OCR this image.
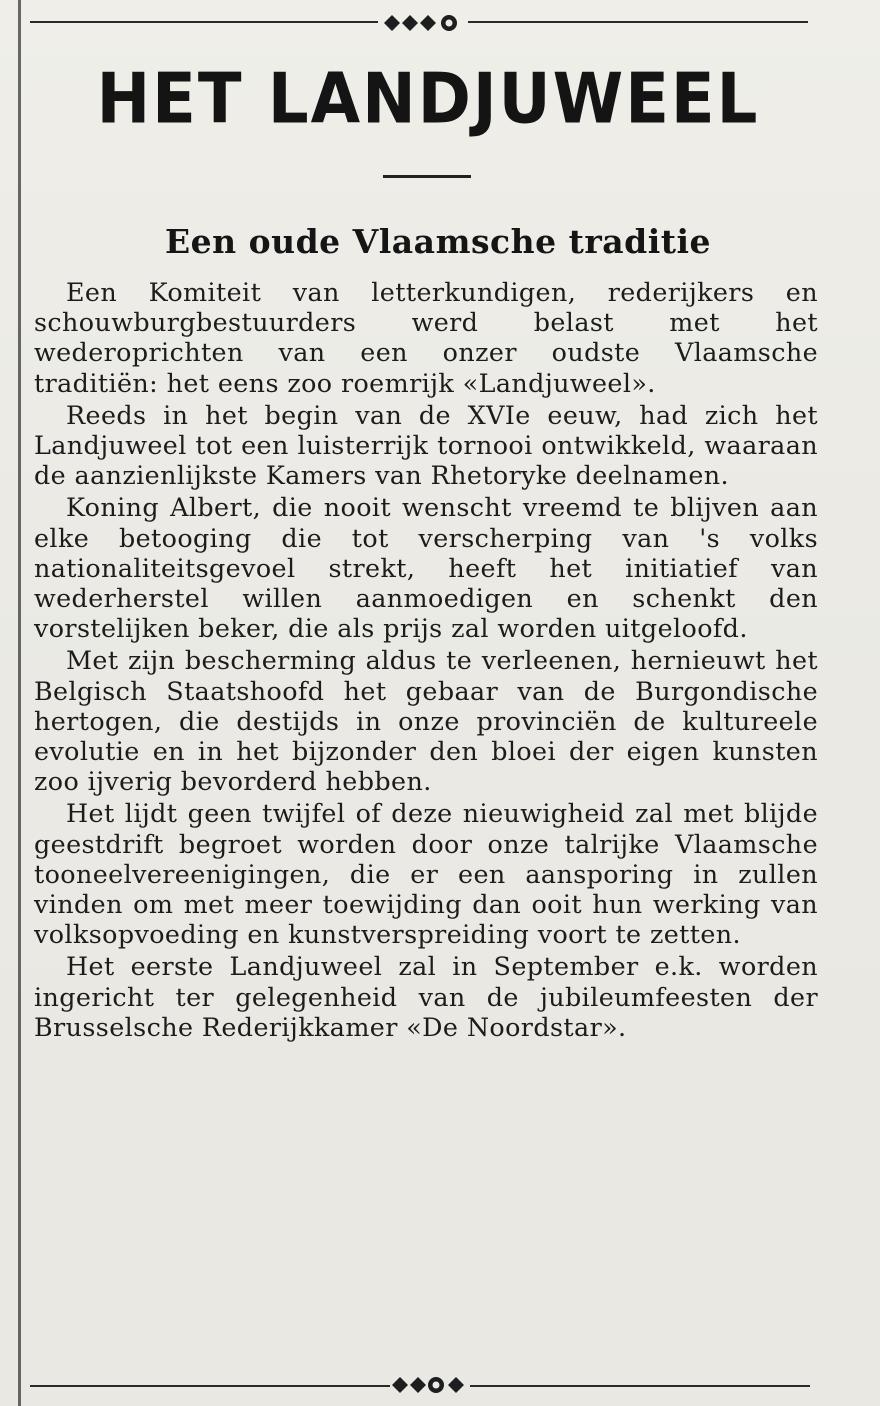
HET LANDJUWEEL
Een oude Vlaamsche traditie

Een Komiteit van letterkundigen, rederijkers en schouwburgbestuurders werd belast met het wederoprichten van een onzer oudste Vlaamsche traditiën: het eens zoo roemrijk «Landjuweel».

Reeds in het begin van de XVIe eeuw, had zich het Landjuweel tot een luisterrijk tornooi ontwikkeld, waaraan de aanzienlijkste Kamers van Rhetoryke deelnamen.

Koning Albert, die nooit wenscht vreemd te blijven aan elke betooging die tot verscherping van 's volks nationaliteitsgevoel strekt, heeft het initiatief van wederherstel willen aanmoedigen en schenkt den vorstelijken beker, die als prijs zal worden uitgeloofd.

Met zijn bescherming aldus te verleenen, hernieuwt het Belgisch Staatshoofd het gebaar van de Burgondische hertogen, die destijds in onze provinciën de kultureele evolutie en in het bijzonder den bloei der eigen kunsten zoo ijverig bevorderd hebben.

Het lijdt geen twijfel of deze nieuwigheid zal met blijde geestdrift begroet worden door onze talrijke Vlaamsche tooneelvereenigingen, die er een aansporing in zullen vinden om met meer toewijding dan ooit hun werking van volksopvoeding en kunstverspreiding voort te zetten.

Het eerste Landjuweel zal in September e.k. worden ingericht ter gelegenheid van de jubileumfeesten der Brusselsche Rederijkkamer «De Noordstar».
